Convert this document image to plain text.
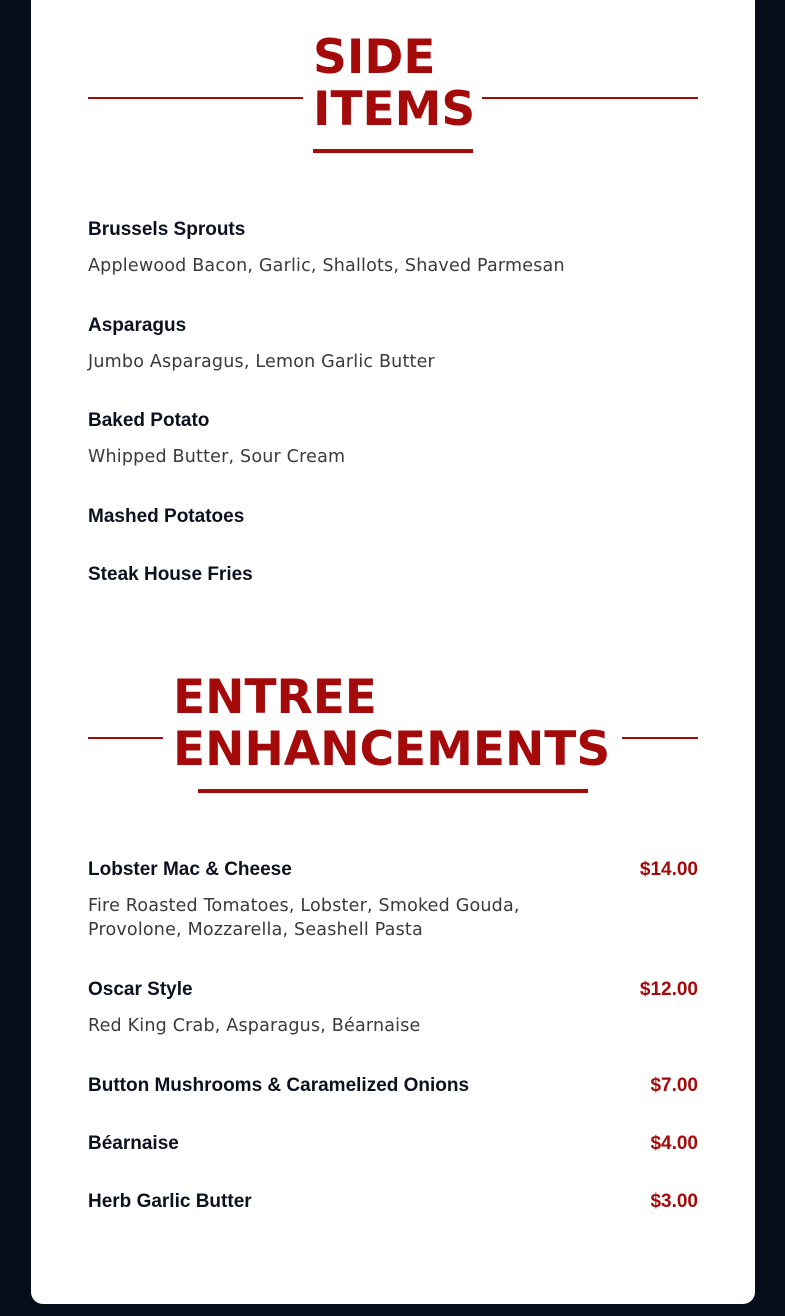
SIDE
ITEMS
Brussels Sprouts
Applewood Bacon, Garlic, Shallots, Shaved Parmesan
Asparagus
Jumbo Asparagus, Lemon Garlic Butter
Baked Potato
Whipped Butter, Sour Cream
Mashed Potatoes
Steak House Fries
ENTREE
ENHANCEMENTS
Lobster Mac & Cheese	$14.00
Fire Roasted Tomatoes, Lobster, Smoked Gouda, Provolone, Mozzarella, Seashell Pasta
Oscar Style	$12.00
Red King Crab, Asparagus, Béarnaise
Button Mushrooms & Caramelized Onions	$7.00
Béarnaise	$4.00
Herb Garlic Butter	$3.00
